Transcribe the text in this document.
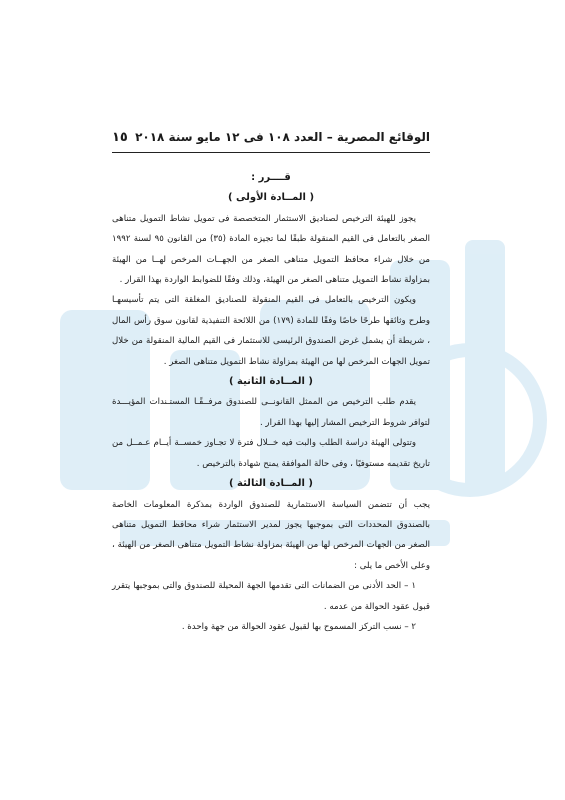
الوقائع المصرية – العدد ١٠٨ فى ١٢ مايو سنة ٢٠١٨
١٥

قــــرر :

( المــادة الأولى )

يجوز للهيئة الترخيص لصناديق الاستثمار المتخصصة فى تمويل نشاط التمويل متناهى الصغر بالتعامل فى القيم المنقولة طبقًا لما تجيزه المادة (٣٥) من القانون ٩٥ لسنة ١٩٩٢ من خلال شراء محافظ التمويل متناهى الصغر من الجهــات المرخص لهــا من الهيئة بمزاولة نشاط التمويل متناهى الصغر من الهيئة، وذلك وفقًا للضوابط الواردة بهذا القرار .

ويكون الترخيص بالتعامل فى القيم المنقولة للصناديق المغلقة التى يتم تأسيسهـا وطرح وثائقها طرحًا خاصًا وفقًا للمادة (١٧٩) من اللائحة التنفيذية لقانون سوق رأس المال ، شريطة أن يشمل غرض الصندوق الرئيسى للاستثمار فى القيم المالية المنقولة من خلال تمويل الجهات المرخص لها من الهيئة بمزاولة نشاط التمويل متناهى الصغر .

( المــادة الثانية )

يقدم طلب الترخيص من الممثل القانونــى للصندوق مرفــقًـا المستـندات المؤيـــدة لتوافر شروط الترخيص المشار إليها بهذا القرار .

وتتولى الهيئة دراسة الطلب والبت فيه خــلال فترة لا تجـاوز خمســة أيــام عـمــل من تاريخ تقديمه مستوفيًا ، وفى حالة الموافقة يمنح شهادة بالترخيص .

( المــادة الثالثة )

يجب أن تتضمن السياسة الاستثمارية للصندوق الواردة بمذكرة المعلومات الخاصة بالصندوق المحددات التى بموجبها يجوز لمدير الاستثمار شراء محافظ التمويل متناهى الصغر من الجهات المرخص لها من الهيئة بمزاولة نشاط التمويل متناهى الصغر من الهيئة ، وعلى الأخص ما يلى :

١ – الحد الأدنى من الضمانات التى تقدمها الجهة المحيلة للصندوق والتى بموجبها يتقرر قبول عقود الحوالة من عدمه .

٢ – نسب التركز المسموح بها لقبول عقود الحوالة من جهة واحدة .
